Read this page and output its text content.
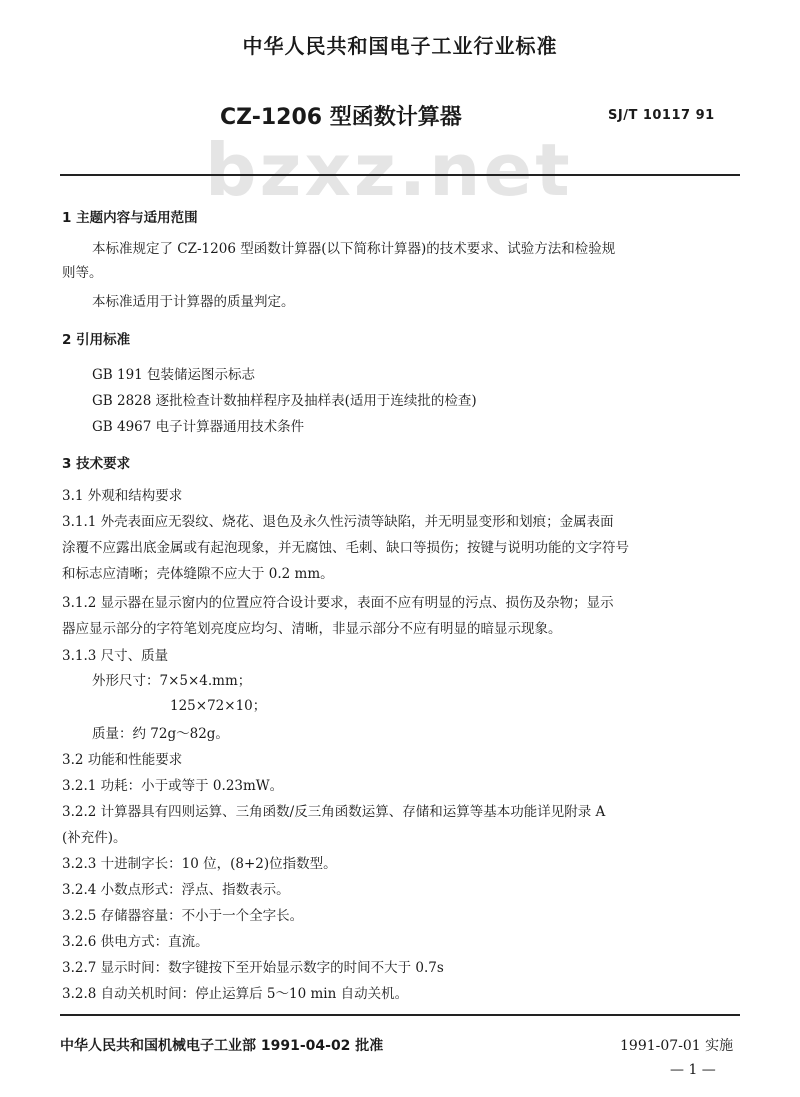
中华人民共和国电子工业行业标准
bzxz.net
CZ-1206 型函数计算器	SJ/T 10117 91
1 主题内容与适用范围
本标准规定了 CZ-1206 型函数计算器(以下简称计算器)的技术要求、试验方法和检验规
则等。
本标准适用于计算器的质量判定。
2 引用标准
GB 191 包装储运图示标志
GB 2828 逐批检查计数抽样程序及抽样表(适用于连续批的检查)
GB 4967 电子计算器通用技术条件
3 技术要求
3.1 外观和结构要求
3.1.1 外壳表面应无裂纹、烧花、退色及永久性污渍等缺陷，并无明显变形和划痕；金属表面
涂覆不应露出底金属或有起泡现象，并无腐蚀、毛刺、缺口等损伤；按键与说明功能的文字符号
和标志应清晰；壳体缝隙不应大于 0.2 mm。
3.1.2 显示器在显示窗内的位置应符合设计要求，表面不应有明显的污点、损伤及杂物；显示
器应显示部分的字符笔划亮度应均匀、清晰，非显示部分不应有明显的暗显示现象。
3.1.3 尺寸、质量
外形尺寸：7×5×4.mm；
125×72×10；
质量：约 72g～82g。
3.2 功能和性能要求
3.2.1 功耗：小于或等于 0.23mW。
3.2.2 计算器具有四则运算、三角函数/反三角函数运算、存储和运算等基本功能详见附录 A
(补充件)。
3.2.3 十进制字长：10 位，(8+2)位指数型。
3.2.4 小数点形式：浮点、指数表示。
3.2.5 存储器容量：不小于一个全字长。
3.2.6 供电方式：直流。
3.2.7 显示时间：数字键按下至开始显示数字的时间不大于 0.7s
3.2.8 自动关机时间：停止运算后 5～10 min 自动关机。
中华人民共和国机械电子工业部 1991-04-02 批准	1991-07-01 实施
— 1 —
